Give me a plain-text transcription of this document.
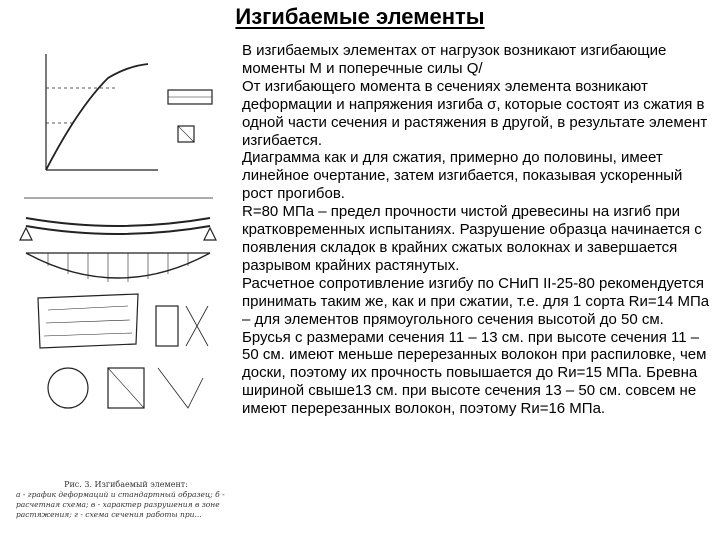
Изгибаемые элементы
Рис. 3. Изгибаемый элемент:
а - график деформаций и стандартный образец; б - расчетная схема; в - характер разрушения в зоне растяжения; г - схема сечения работы при...

В изгибаемых элементах от нагрузок возникают изгибающие моменты М и поперечные силы Q/

От изгибающего момента в сечениях элемента возникают деформации и напряжения изгиба σ, которые состоят из сжатия в одной части сечения и растяжения в другой, в результате элемент изгибается.

Диаграмма как и для сжатия, примерно до половины, имеет линейное очертание, затем изгибается, показывая ускоренный рост прогибов.

R=80 МПа – предел прочности чистой древесины на изгиб при кратковременных испытаниях. Разрушение образца начинается с появления складок в крайних сжатых волокнах и завершается разрывом крайних растянутых.

Расчетное сопротивление изгибу по СНиП II-25-80 рекомендуется принимать таким же, как и при сжатии, т.е. для 1 сорта Rи=14 МПа – для элементов прямоугольного сечения высотой до 50 см. Брусья с размерами сечения 11 – 13 см. при высоте сечения 11 – 50 см. имеют меньше перерезанных волокон при распиловке, чем доски, поэтому их прочность повышается до Rи=15 МПа. Бревна шириной свыше13 см. при высоте сечения 13 – 50 см. совсем не имеют перерезанных волокон, поэтому Rи=16 МПа.
